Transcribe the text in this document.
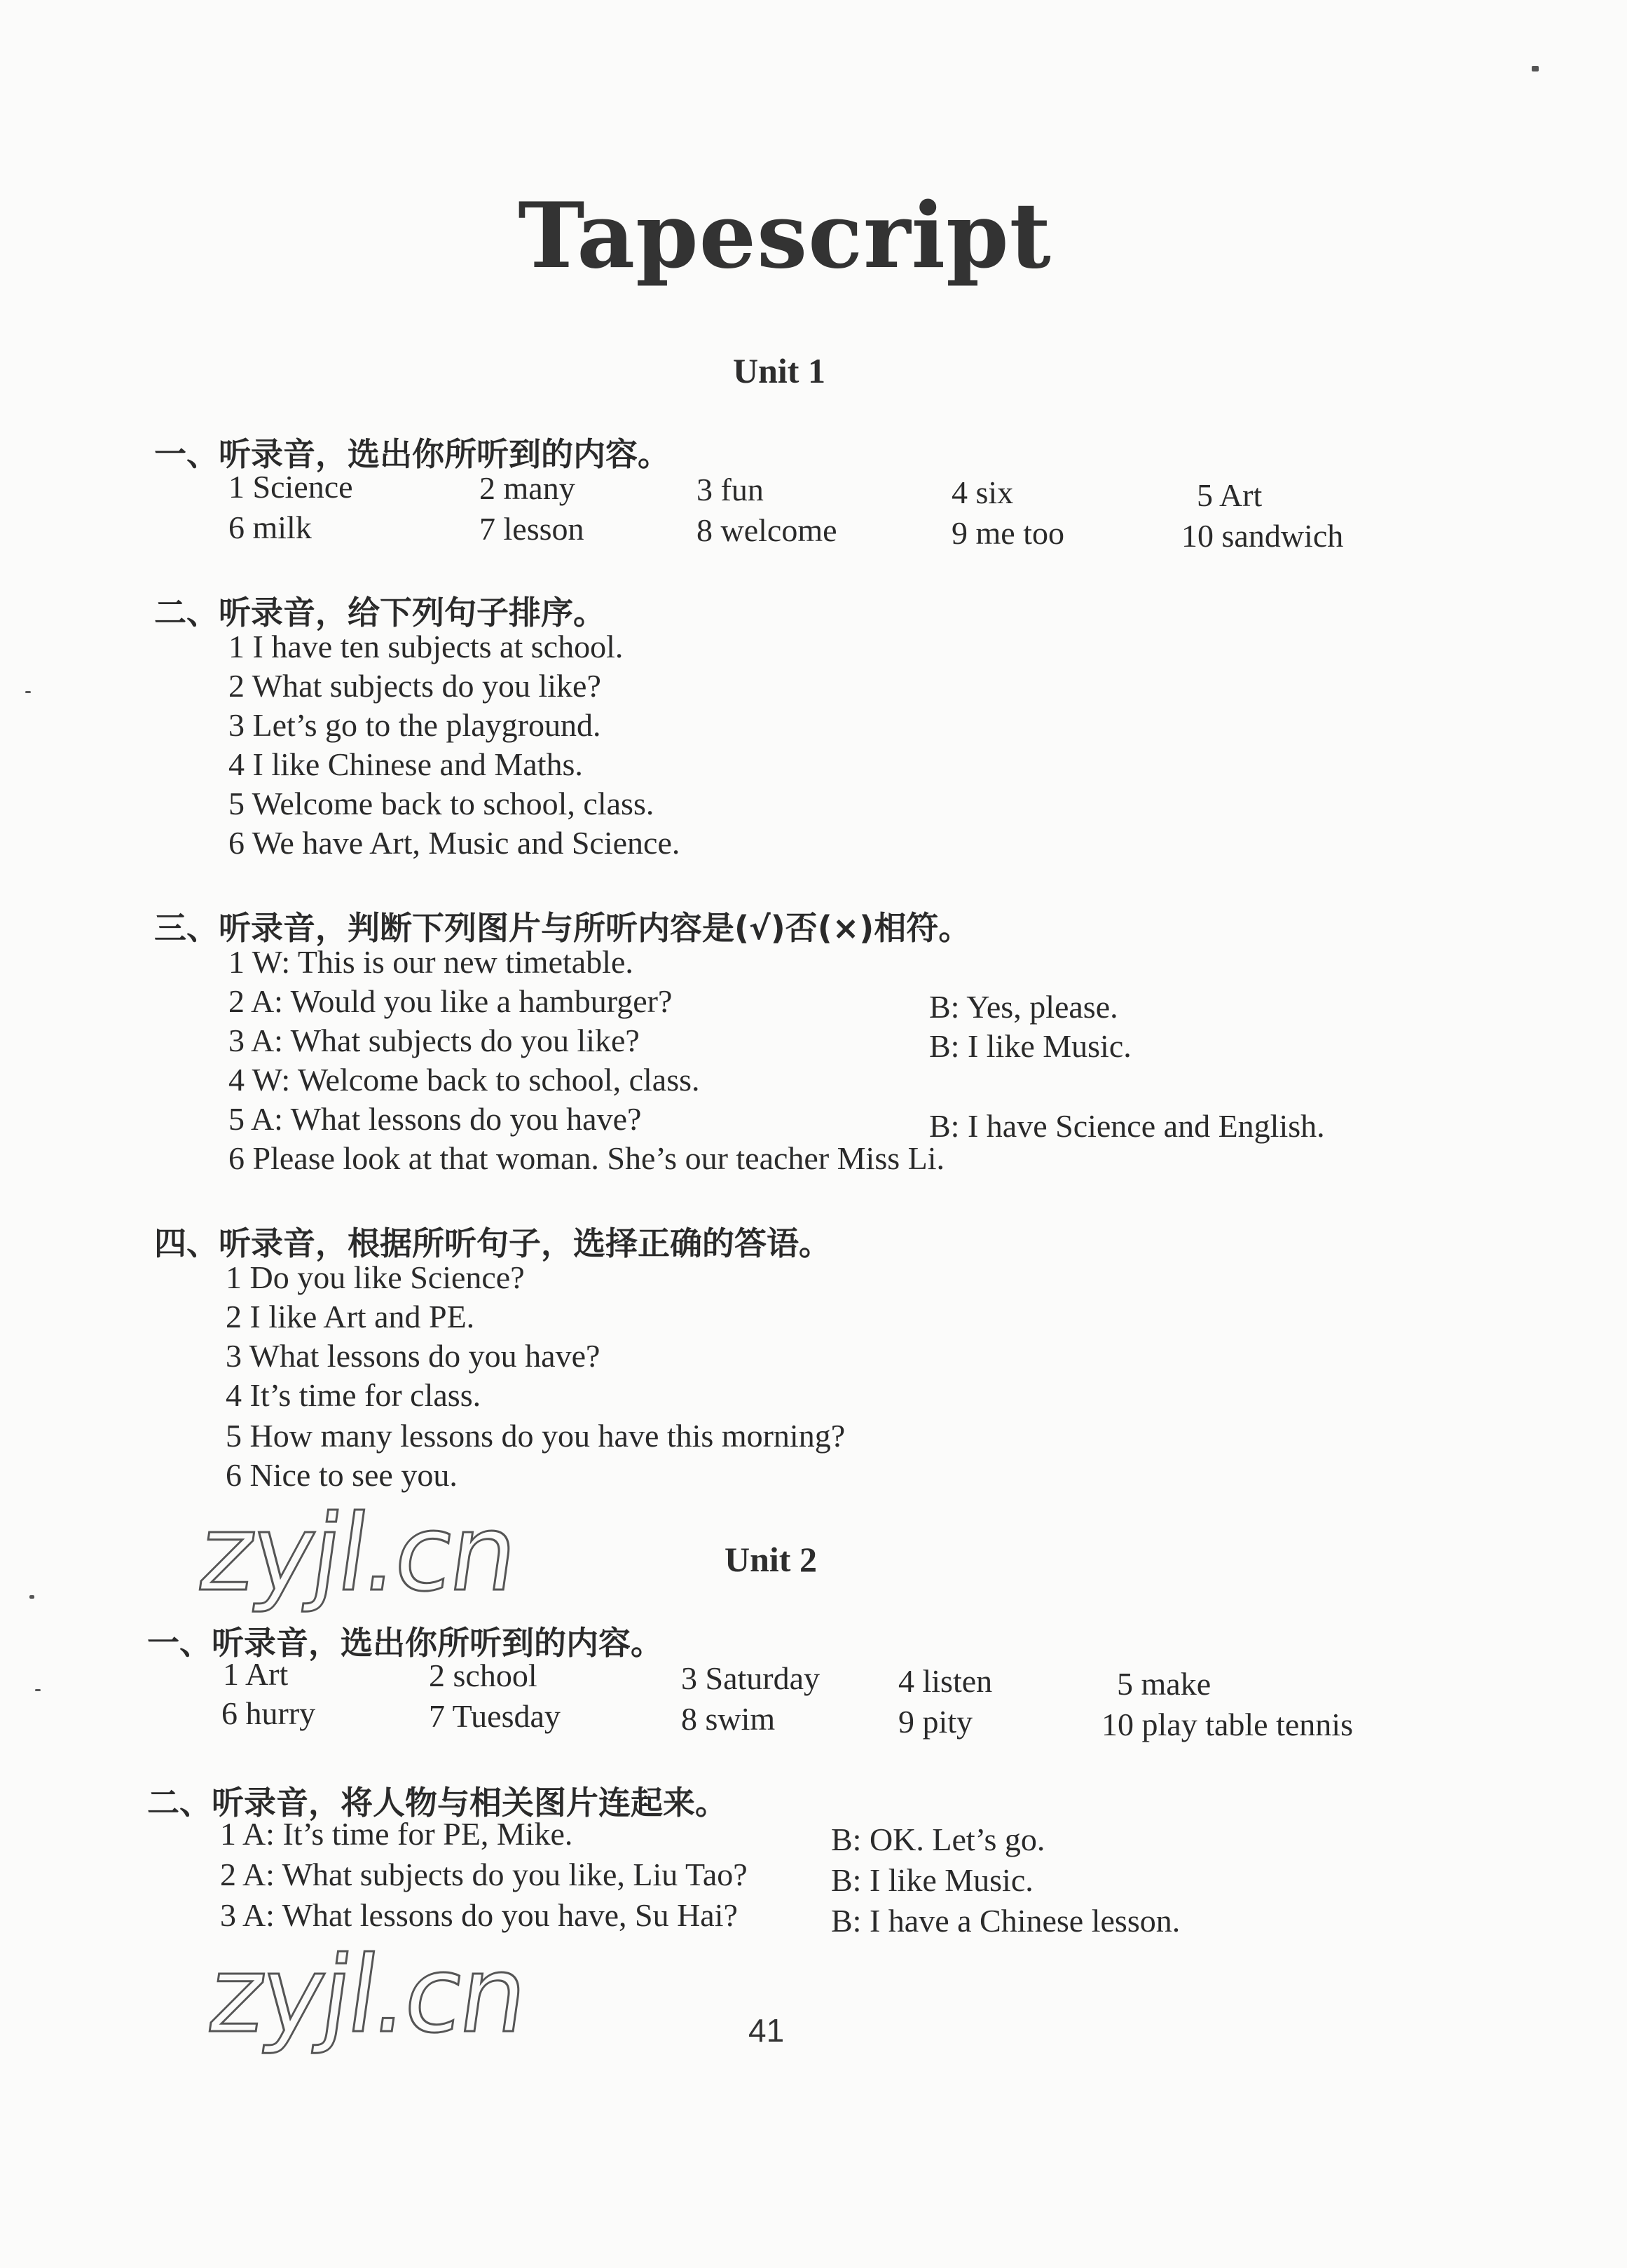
Tapescript
Unit 1
一、听录音，选出你所听到的内容。
1 Science	2 many	3 fun	4 six	5 Art
6 milk	7 lesson	8 welcome	9 me too	10 sandwich
二、听录音，给下列句子排序。
1 I have ten subjects at school.
2 What subjects do you like?
3 Let’s go to the playground.
4 I like Chinese and Maths.
5 Welcome back to school, class.
6 We have Art, Music and Science.
三、听录音，判断下列图片与所听内容是(√)否(×)相符。
1 W: This is our new timetable.
2 A: Would you like a hamburger?	B: Yes, please.
3 A: What subjects do you like?	B: I like Music.
4 W: Welcome back to school, class.
5 A: What lessons do you have?	B: I have Science and English.
6 Please look at that woman. She’s our teacher Miss Li.
四、听录音，根据所听句子，选择正确的答语。
1 Do you like Science?
2 I like Art and PE.
3 What lessons do you have?
4 It’s time for class.
5 How many lessons do you have this morning?
6 Nice to see you.
zyjl.cn	Unit 2
一、听录音，选出你所听到的内容。
1 Art	2 school	3 Saturday 4 listen	5 make
6 hurry	7 Tuesday	8 swim	9 pity	10 play table tennis
二、听录音，将人物与相关图片连起来。
1 A: It’s time for PE, Mike.	B: OK. Let’s go.
2 A: What subjects do you like, Liu Tao?	B: I like Music.
3 A: What lessons do you have, Su Hai?	B: I have a Chinese lesson.
zyjl.cn	41
